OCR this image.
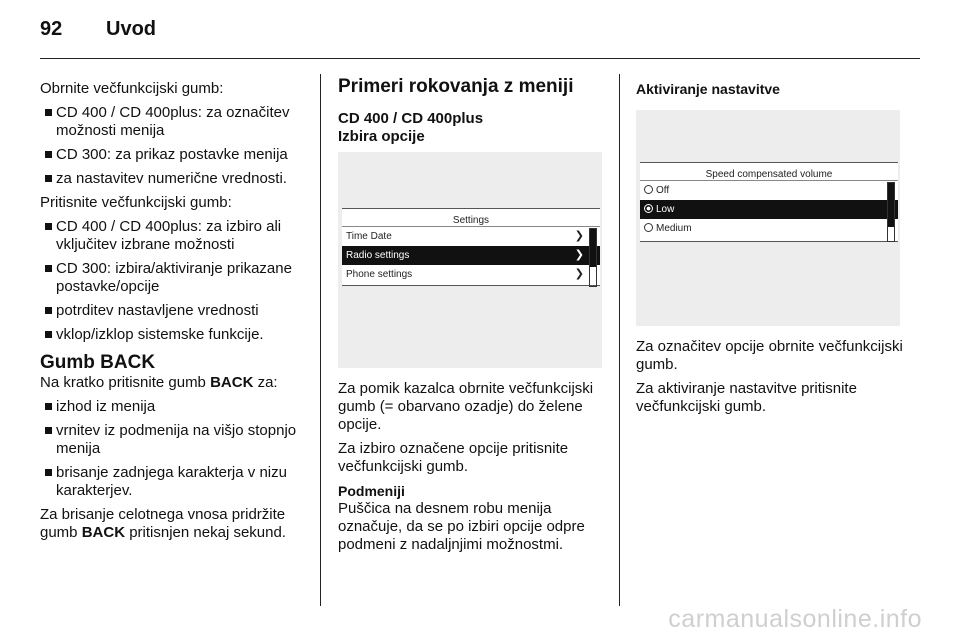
92 Uvod

Obrnite večfunkcijski gumb:

CD 400 / CD 400plus: za označitev možnosti menija
CD 300: za prikaz postavke menija
za nastavitev numerične vrednosti.

Pritisnite večfunkcijski gumb:

CD 400 / CD 400plus: za izbiro ali vključitev izbrane možnosti
CD 300: izbira/aktiviranje prikazane postavke/opcije
potrditev nastavljene vrednosti
vklop/izklop sistemske funkcije.
Gumb BACK

Na kratko pritisnite gumb BACK za:

izhod iz menija
vrnitev iz podmenija na višjo stopnjo menija
brisanje zadnjega karakterja v nizu karakterjev.

Za brisanje celotnega vnosa pridržite gumb BACK pritisnjen nekaj sekund.

Primeri rokovanja z meniji
CD 400 / CD 400plus
Izbira opcije
Settings
Time Date	❯
Radio settings	❯
Phone settings	❯

Za pomik kazalca obrnite večfunkcijski gumb (= obarvano ozadje) do želene opcije.

Za izbiro označene opcije pritisnite večfunkcijski gumb.

Podmeniji

Puščica na desnem robu menija označuje, da se po izbiri opcije odpre podmeni z nadaljnjimi možnostmi.

Aktiviranje nastavitve
Speed compensated volume
Off
Low
Medium

Za označitev opcije obrnite večfunkcijski gumb.

Za aktiviranje nastavitve pritisnite večfunkcijski gumb.

carmanualsonline.info
